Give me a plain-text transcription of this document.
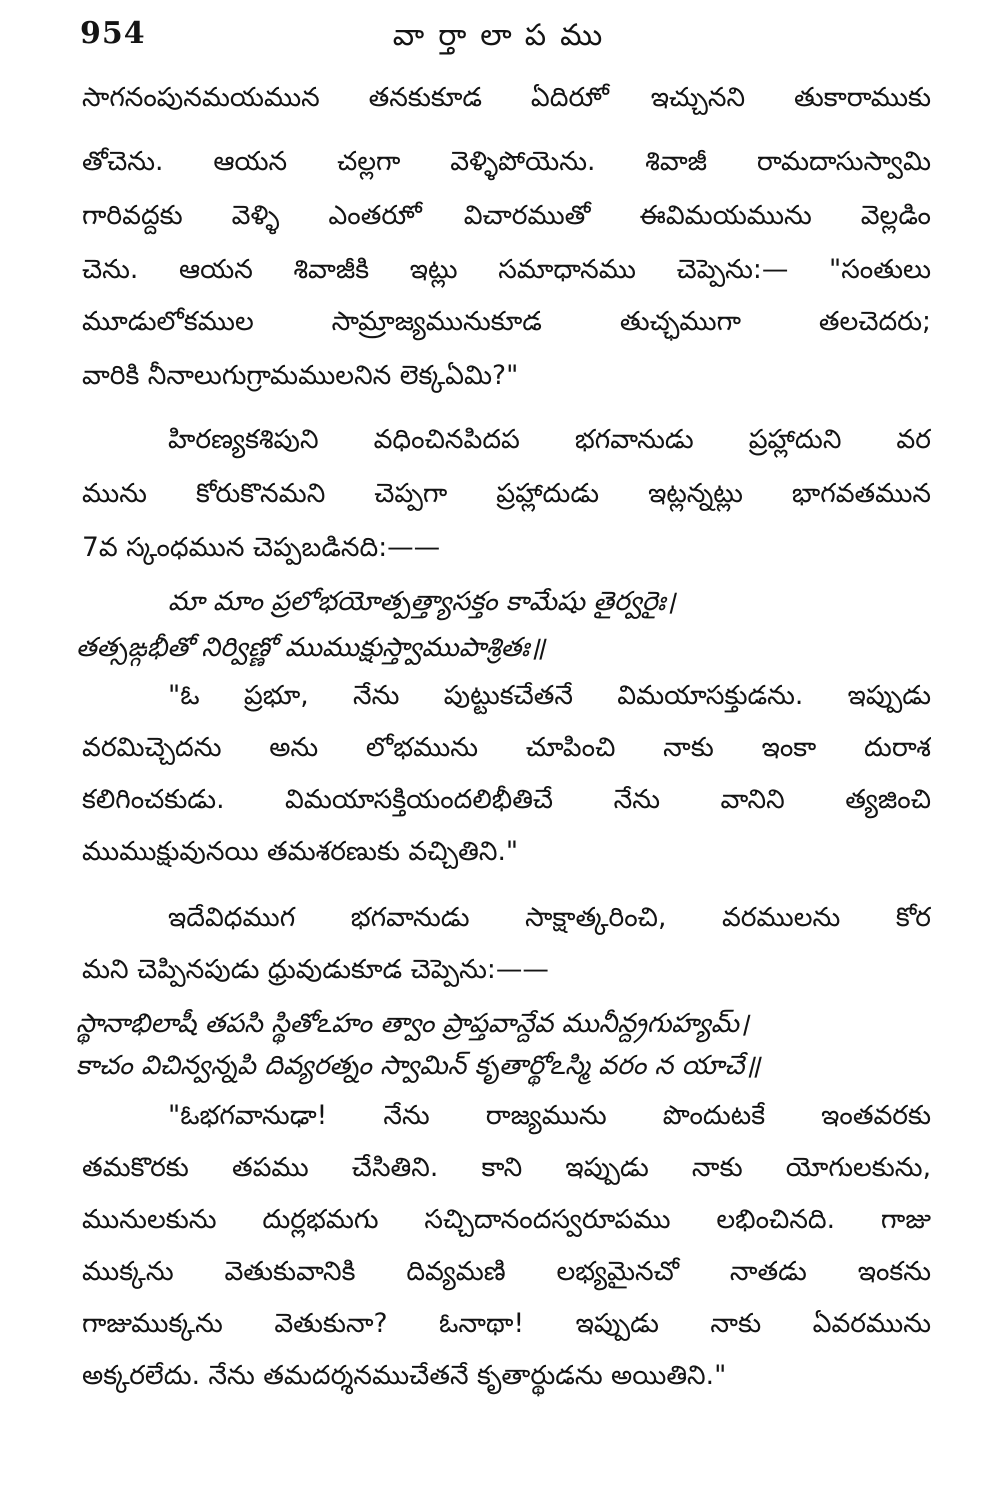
954	వార్తాలాపము
సాగనంపునమయమున తనకుకూడ ఏదిరూో ఇచ్చునని తుకారాముకు
తోచెను. ఆయన చల్లగా వెళ్ళిపోయెను. శివాజీ రామదాసుస్వామి
గారివద్దకు వెళ్ళి ఎంతరూో విచారముతో ఈవిమయమును వెల్లడిం
చెను. ఆయన శివాజీకి ఇట్లు సమాధానము చెప్పెను:— "సంతులు
మూడులోకముల సామ్రాజ్యమునుకూడ తుచ్ఛముగా తలచెదరు;
వారికి నీనాలుగుగ్రామములనిన లెక్కఏమి?"
హిరణ్యకశిపుని వధించినపిదప భగవానుడు ప్రహ్లాదుని వర
మును కోరుకొనమని చెప్పగా ప్రహ్లాదుడు ఇట్లన్నట్లు భాగవతమున
7వ స్కంధమున చెప్పబడినది:——
మా మాం ప్రలోభయోత్పత్త్యాసక్తం కామేషు తైర్వరైః।
తత్సఙ్గభీతో నిర్విణ్ణో ముముక్షుస్త్వాముపాశ్రితః॥
"ఓ ప్రభూ, నేను పుట్టుకచేతనే విమయాసక్తుడను. ఇప్పుడు
వరమిచ్చెదను అను లోభమును చూపించి నాకు ఇంకా దురాశ
కలిగించకుడు. విమయాసక్తియందలిభీతిచే నేను వానిని త్యజించి
ముముక్షువునయి తమశరణుకు వచ్చితిని."
ఇదేవిధముగ భగవానుడు సాక్షాత్కరించి, వరములను కోర
మని చెప్పినపుడు ధ్రువుడుకూడ చెప్పెను:——
స్థానాభిలాషీ తపసి స్థితోఽహం త్వాం ప్రాప్తవాన్దేవ మునీన్ద్రగుహ్యమ్।
కాచం విచిన్వన్నపి దివ్యరత్నం స్వామిన్ కృతార్థోఽస్మి వరం న యాచే॥
"ఓభగవానుఢా! నేను రాజ్యమును పొందుటకే ఇంతవరకు
తమకొరకు తపము చేసితిని. కాని ఇప్పుడు నాకు యోగులకును,
మునులకును దుర్లభమగు సచ్చిదానందస్వరూపము లభించినది. గాజు
ముక్కను వెతుకువానికి దివ్యమణి లభ్యమైనచో నాతడు ఇంకను
గాజుముక్కను వెతుకునా? ఓనాథా! ఇప్పుడు నాకు ఏవరమును
అక్కరలేదు. నేను తమదర్శనముచేతనే కృతార్థుడను అయితిని."
